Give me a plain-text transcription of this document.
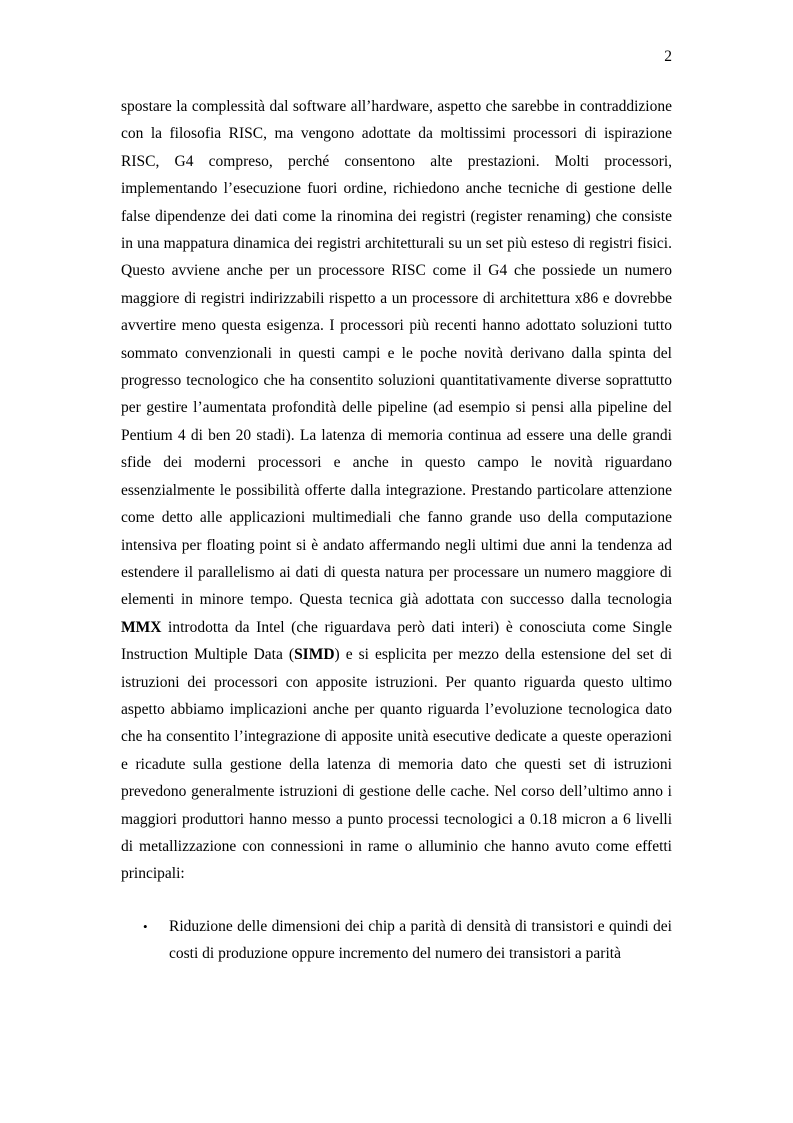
2

spostare la complessità dal software all’hardware, aspetto che sarebbe in contraddizione con la filosofia RISC, ma vengono adottate da moltissimi processori di ispirazione RISC, G4 compreso, perché consentono alte prestazioni. Molti processori, implementando l’esecuzione fuori ordine, richiedono anche tecniche di gestione delle false dipendenze dei dati come la rinomina dei registri (register renaming) che consiste in una mappatura dinamica dei registri architetturali su un set più esteso di registri fisici. Questo avviene anche per un processore RISC come il G4 che possiede un numero maggiore di registri indirizzabili rispetto a un processore di architettura x86 e dovrebbe avvertire meno questa esigenza. I processori più recenti hanno adottato soluzioni tutto sommato convenzionali in questi campi e le poche novità derivano dalla spinta del progresso tecnologico che ha consentito soluzioni quantitativamente diverse soprattutto per gestire l’aumentata profondità delle pipeline (ad esempio si pensi alla pipeline del Pentium 4 di ben 20 stadi). La latenza di memoria continua ad essere una delle grandi sfide dei moderni processori e anche in questo campo le novità riguardano essenzialmente le possibilità offerte dalla integrazione. Prestando particolare attenzione come detto alle applicazioni multimediali che fanno grande uso della computazione intensiva per floating point si è andato affermando negli ultimi due anni la tendenza ad estendere il parallelismo ai dati di questa natura per processare un numero maggiore di elementi in minore tempo. Questa tecnica già adottata con successo dalla tecnologia MMX introdotta da Intel (che riguardava però dati interi) è conosciuta come Single Instruction Multiple Data (SIMD) e si esplicita per mezzo della estensione del set di istruzioni dei processori con apposite istruzioni. Per quanto riguarda questo ultimo aspetto abbiamo implicazioni anche per quanto riguarda l’evoluzione tecnologica dato che ha consentito l’integrazione di apposite unità esecutive dedicate a queste operazioni e ricadute sulla gestione della latenza di memoria dato che questi set di istruzioni prevedono generalmente istruzioni di gestione delle cache. Nel corso dell’ultimo anno i maggiori produttori hanno messo a punto processi tecnologici a 0.18 micron a 6 livelli di metallizzazione con connessioni in rame o alluminio che hanno avuto come effetti principali:

•	Riduzione delle dimensioni dei chip a parità di densità di transistori e quindi dei costi di produzione oppure incremento del numero dei transistori a parità
